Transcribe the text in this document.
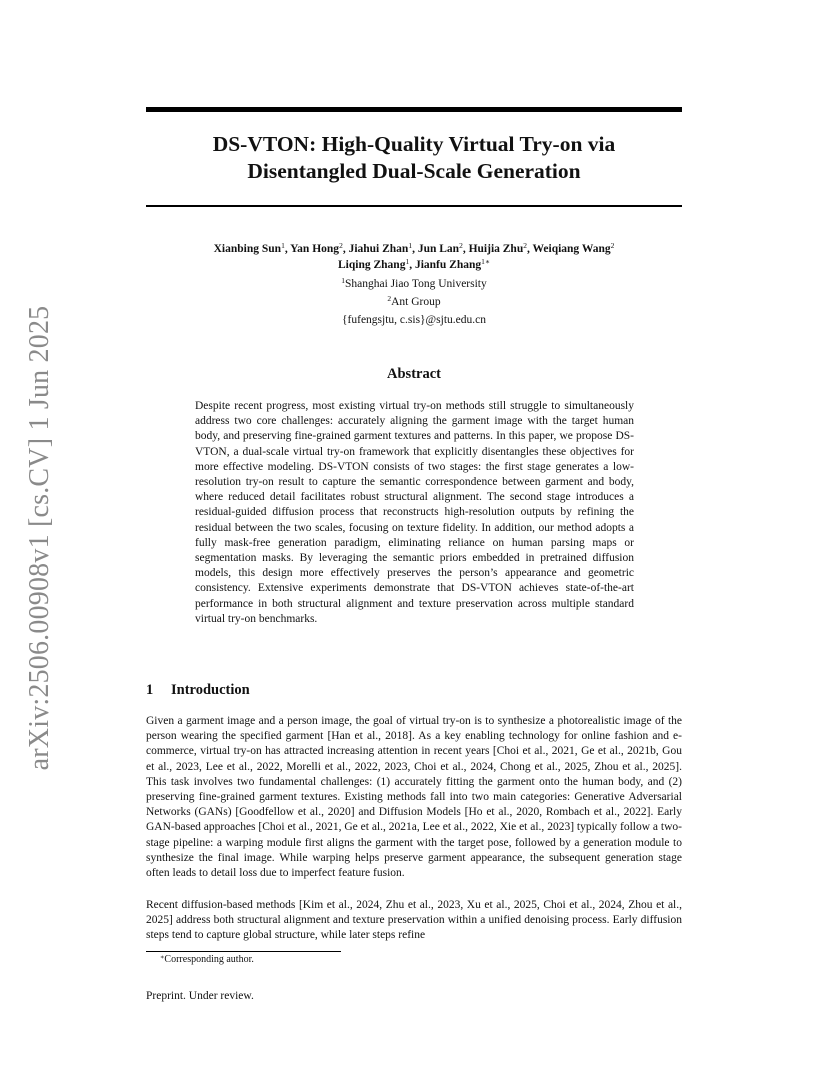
arXiv:2506.00908v1 [cs.CV] 1 Jun 2025
DS-VTON: High-Quality Virtual Try-on via
Disentangled Dual-Scale Generation
Xianbing Sun$^1$, Yan Hong$^2$, Jiahui Zhan$^1$, Jun Lan$^2$, Huijia Zhu$^2$, Weiqiang Wang$^2$
Liqing Zhang$^1$, Jianfu Zhang$^{1∗}$
$^1$Shanghai Jiao Tong University
$^2$Ant Group
{fufengsjtu, c.sis}@sjtu.edu.cn
Abstract

Despite recent progress, most existing virtual try-on methods still struggle to simultaneously address two core challenges: accurately aligning the garment image with the target human body, and preserving fine-grained garment textures and patterns. In this paper, we propose DS-VTON, a dual-scale virtual try-on framework that explicitly disentangles these objectives for more effective modeling. DS-VTON consists of two stages: the first stage generates a low-resolution try-on result to capture the semantic correspondence between garment and body, where reduced detail facilitates robust structural alignment. The second stage introduces a residual-guided diffusion process that reconstructs high-resolution outputs by refining the residual between the two scales, focusing on texture fidelity. In addition, our method adopts a fully mask-free generation paradigm, eliminating reliance on human parsing maps or segmentation masks. By leveraging the semantic priors embedded in pretrained diffusion models, this design more effectively preserves the person’s appearance and geometric consistency. Extensive experiments demonstrate that DS-VTON achieves state-of-the-art performance in both structural alignment and texture preservation across multiple standard virtual try-on benchmarks.

1 Introduction

Given a garment image and a person image, the goal of virtual try-on is to synthesize a photorealistic image of the person wearing the specified garment [Han et al., 2018]. As a key enabling technology for online fashion and e-commerce, virtual try-on has attracted increasing attention in recent years [Choi et al., 2021, Ge et al., 2021b, Gou et al., 2023, Lee et al., 2022, Morelli et al., 2022, 2023, Choi et al., 2024, Chong et al., 2025, Zhou et al., 2025]. This task involves two fundamental challenges: (1) accurately fitting the garment onto the human body, and (2) preserving fine-grained garment textures. Existing methods fall into two main categories: Generative Adversarial Networks (GANs) [Goodfellow et al., 2020] and Diffusion Models [Ho et al., 2020, Rombach et al., 2022]. Early GAN-based approaches [Choi et al., 2021, Ge et al., 2021a, Lee et al., 2022, Xie et al., 2023] typically follow a two-stage pipeline: a warping module first aligns the garment with the target pose, followed by a generation module to synthesize the final image. While warping helps preserve garment appearance, the subsequent generation stage often leads to detail loss due to imperfect feature fusion.

Recent diffusion-based methods [Kim et al., 2024, Zhu et al., 2023, Xu et al., 2025, Choi et al., 2024, Zhou et al., 2025] address both structural alignment and texture preservation within a unified denoising process. Early diffusion steps tend to capture global structure, while later steps refine

∗Corresponding author.
Preprint. Under review.
